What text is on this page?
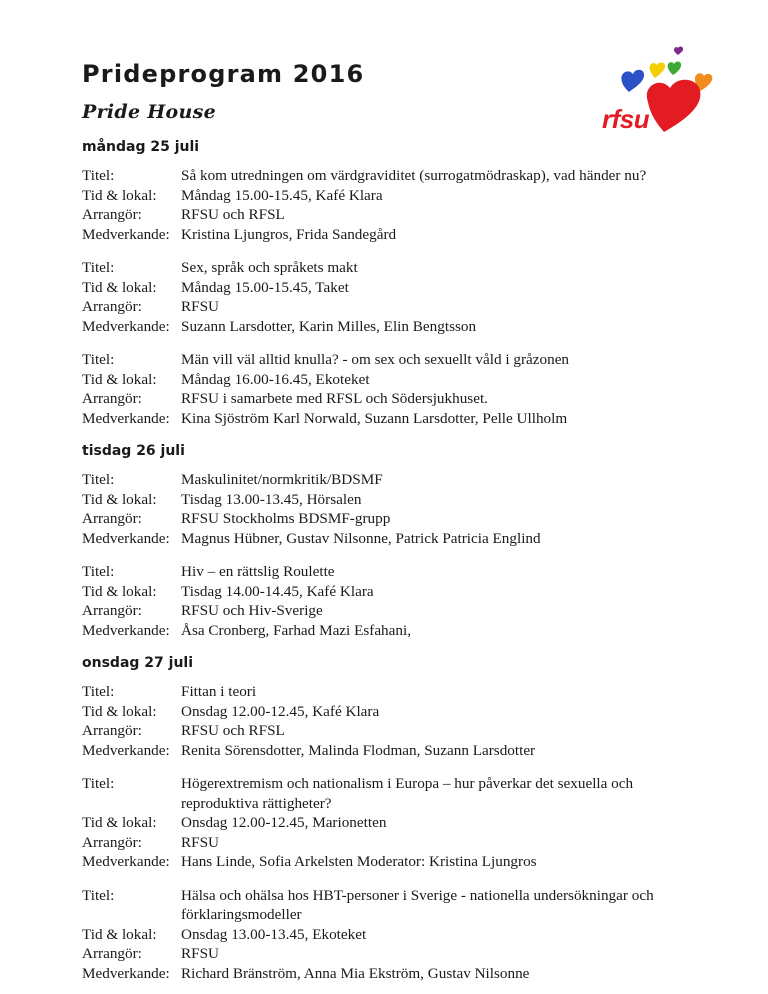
Prideprogram 2016
Pride House	rfsu
måndag 25 juli
Titel:	Så kom utredningen om värdgraviditet (surrogatmödraskap), vad händer nu?
Tid & lokal:	Måndag 15.00-15.45, Kafé Klara
Arrangör:	RFSU och RFSL
Medverkande: Kristina Ljungros, Frida Sandegård
Titel:	Sex, språk och språkets makt
Tid & lokal:	Måndag 15.00-15.45, Taket
Arrangör:	RFSU
Medverkande: Suzann Larsdotter, Karin Milles, Elin Bengtsson
Titel:	Män vill väl alltid knulla? - om sex och sexuellt våld i gråzonen
Tid & lokal:	Måndag 16.00-16.45, Ekoteket
Arrangör:	RFSU i samarbete med RFSL och Södersjukhuset.
Medverkande: Kina Sjöström Karl Norwald, Suzann Larsdotter, Pelle Ullholm
tisdag 26 juli
Titel:	Maskulinitet/normkritik/BDSMF
Tid & lokal:	Tisdag 13.00-13.45, Hörsalen
Arrangör:	RFSU Stockholms BDSMF-grupp
Medverkande: Magnus Hübner, Gustav Nilsonne, Patrick Patricia Englind
Titel:	Hiv – en rättslig Roulette
Tid & lokal:	Tisdag 14.00-14.45, Kafé Klara
Arrangör:	RFSU och Hiv-Sverige
Medverkande: Åsa Cronberg, Farhad Mazi Esfahani,
onsdag 27 juli
Titel:	Fittan i teori
Tid & lokal:	Onsdag 12.00-12.45, Kafé Klara
Arrangör:	RFSU och RFSL
Medverkande: Renita Sörensdotter, Malinda Flodman, Suzann Larsdotter
Titel:	Högerextremism och nationalism i Europa – hur påverkar det sexuella och reproduktiva rättigheter?
Tid & lokal:	Onsdag 12.00-12.45, Marionetten
Arrangör:	RFSU
Medverkande: Hans Linde, Sofia Arkelsten Moderator: Kristina Ljungros
Titel:	Hälsa och ohälsa hos HBT-personer i Sverige - nationella undersökningar och förklaringsmodeller
Tid & lokal:	Onsdag 13.00-13.45, Ekoteket
Arrangör:	RFSU
Medverkande: Richard Bränström, Anna Mia Ekström, Gustav Nilsonne
